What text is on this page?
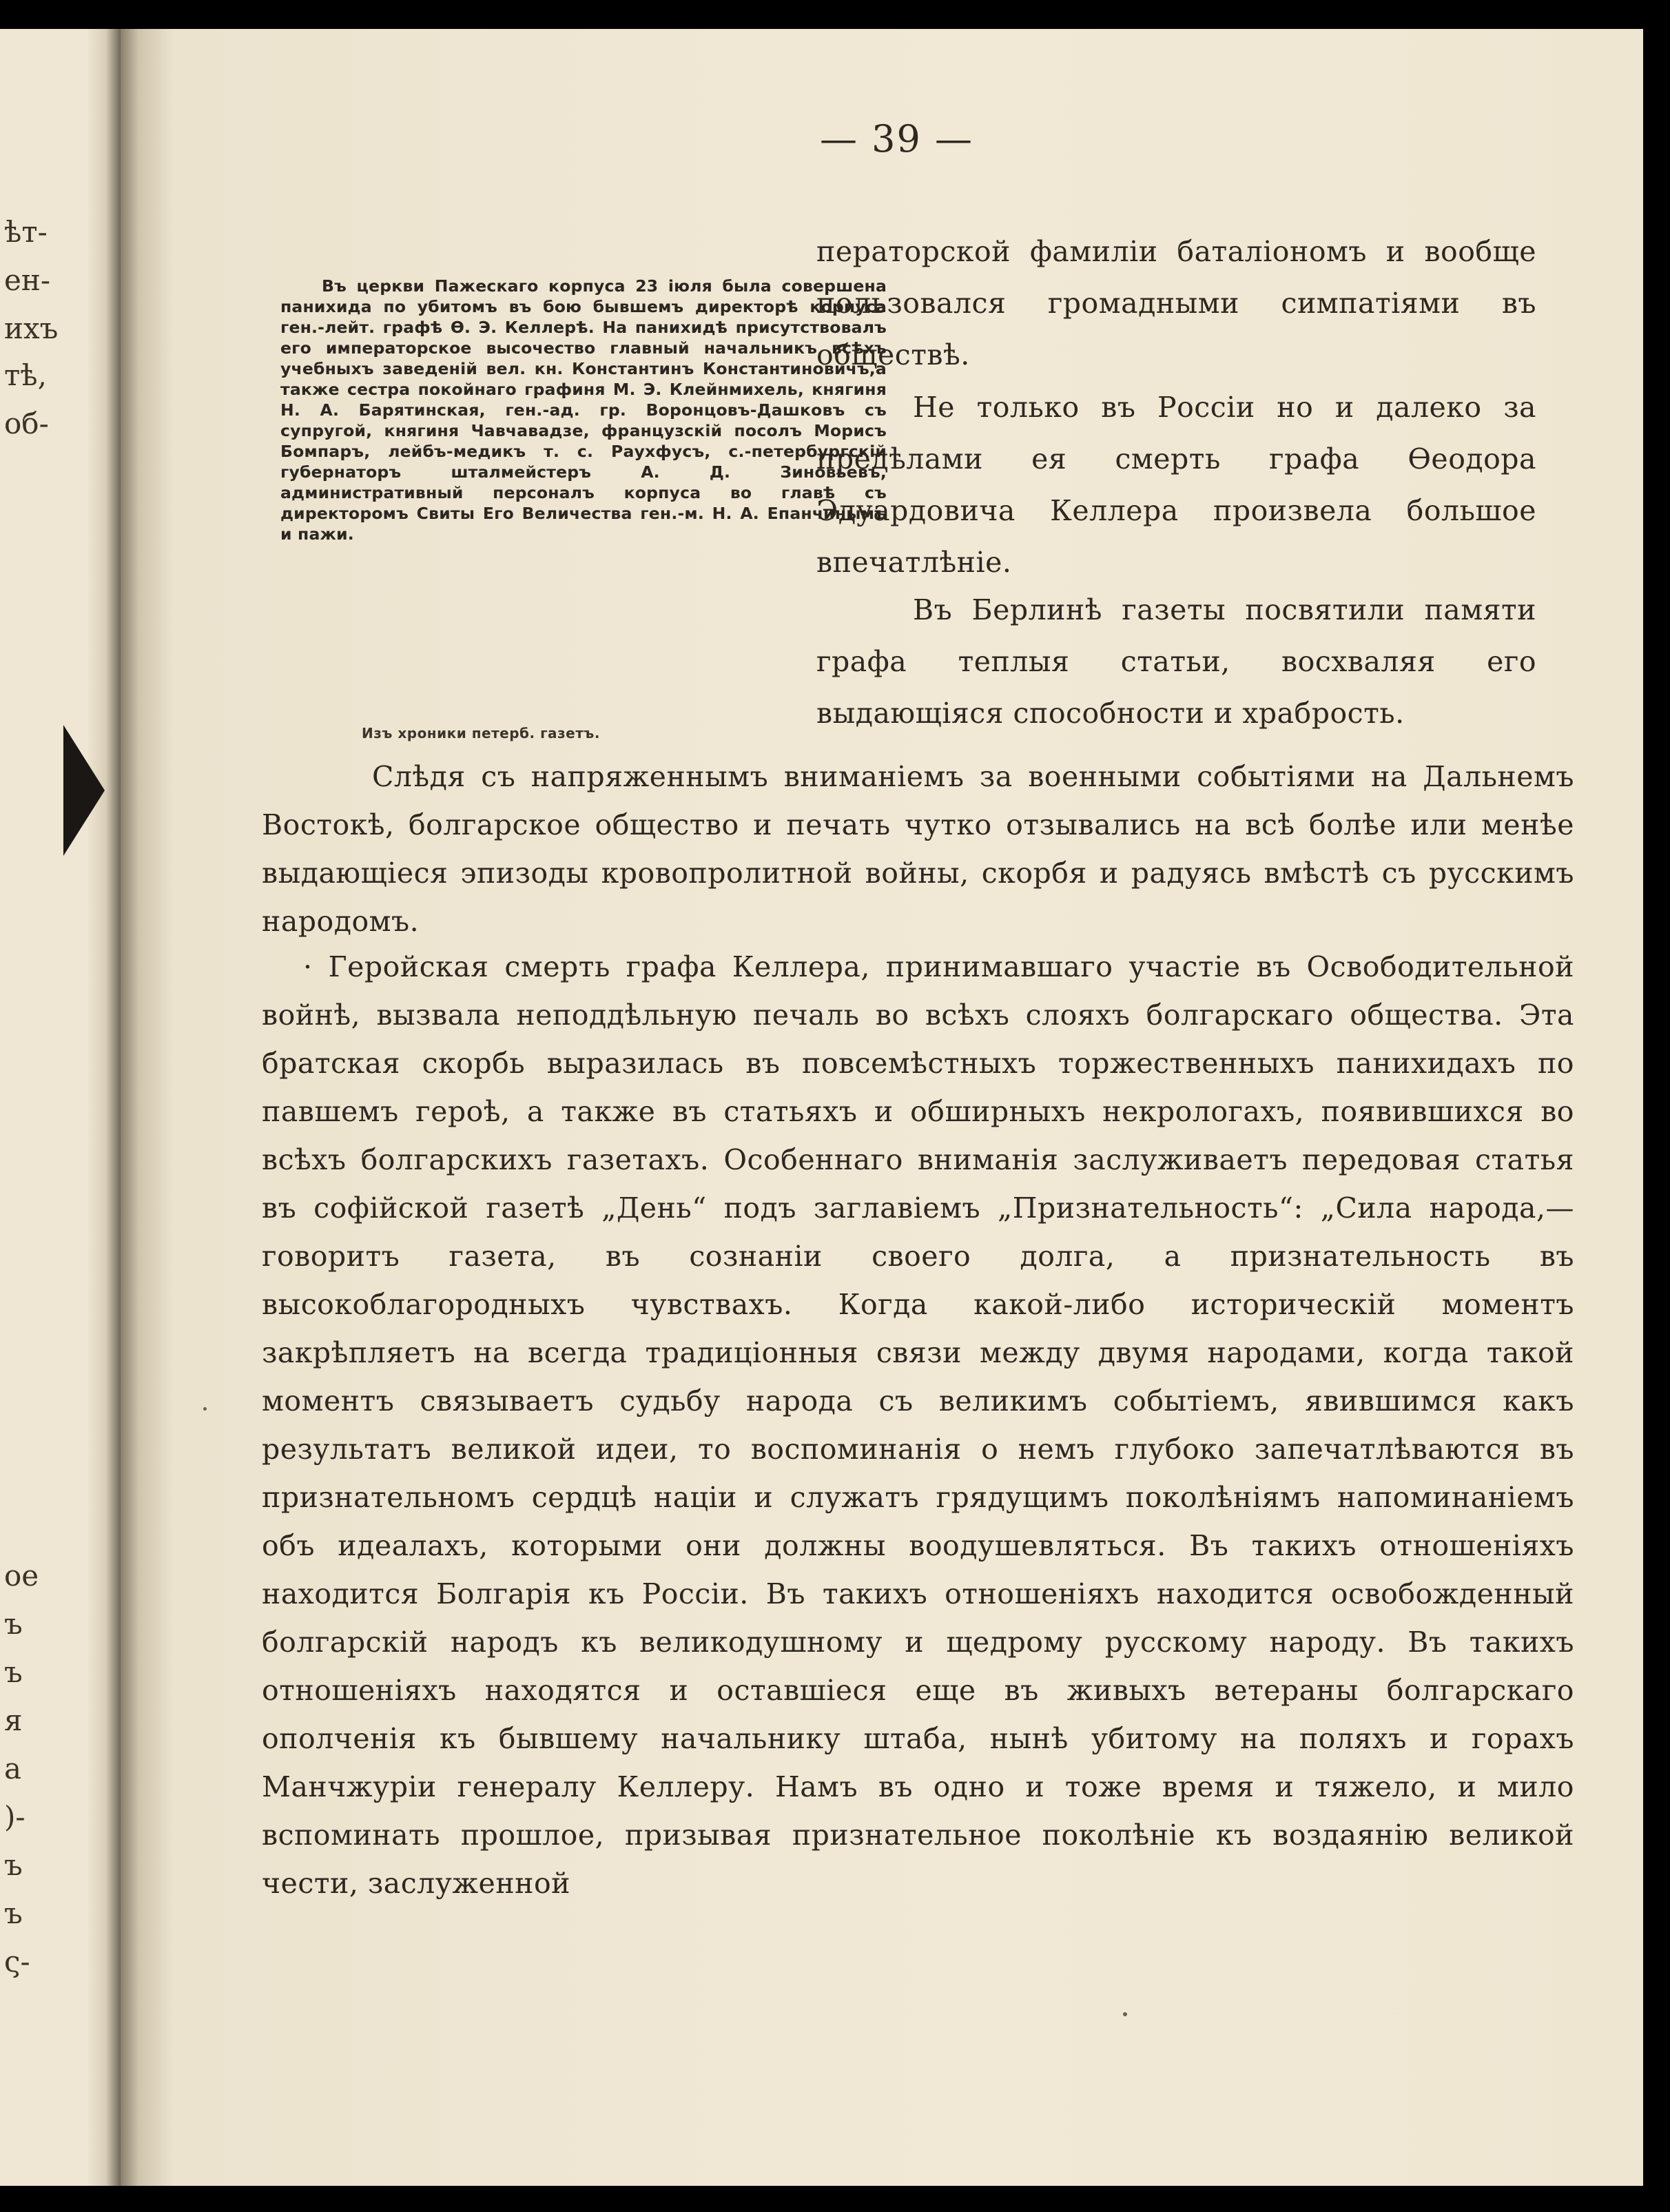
ѣт-
ен-
ихъ
тѣ,
об-
ое
ъ
ъ
я
а
)-
ъ
ъ
ς-
— 39 —
Въ церкви Пажескаго корпуса 23 іюля была совершена панихида по убитомъ въ бою бывшемъ директорѣ корпуса ген.-лейт. графѣ Ѳ. Э. Келлерѣ. На панихидѣ присутствовалъ его императорское высочество главный начальникъ всѣхъ учебныхъ заведеній вел. кн. Константинъ Константиновичъ,а также сестра покойнаго графиня М. Э. Клейнмихель, княгиня Н. А. Барятинская, ген.-ад. гр. Воронцовъ-Дашковъ съ супругой, княгиня Чавчавадзе, французскій посолъ Морисъ Бомпаръ, лейбъ-медикъ т. с. Раухфусъ, с.-петербургскій губернаторъ шталмейстеръ А. Д. Зиновьевъ, административный персоналъ корпуса во главѣ съ директоромъ Свиты Его Величества ген.-м. Н. А. Епанчинымъ и пажи.
Изъ хроники петерб. газетъ.
ператорской фамиліи баталіономъ и вообще пользовался громадными симпатіями въ обществѣ.
Не только въ Россіи но и далеко за предѣлами ея смерть графа Ѳеодора Эдуардовича Келлера произвела большое впечатлѣніе.
Въ Берлинѣ газеты посвятили памяти графа теплыя статьи, восхваляя его выдающіяся способности и храбрость.
Слѣдя съ напряженнымъ вниманіемъ за военными событіями на Дальнемъ Востокѣ, болгарское общество и печать чутко отзывались на всѣ болѣе или менѣе выдающіеся эпизоды кровопролитной войны, скорбя и радуясь вмѣстѣ съ русскимъ народомъ.
· Геройская смерть графа Келлера, принимавшаго участіе въ Освободительной войнѣ, вызвала неподдѣльную печаль во всѣхъ слояхъ болгарскаго общества. Эта братская скорбь выразилась въ повсемѣстныхъ торжественныхъ панихидахъ по павшемъ героѣ, а также въ статьяхъ и обширныхъ некрологахъ, появившихся во всѣхъ болгарскихъ газетахъ. Особеннаго вниманія заслуживаетъ передовая статья въ софійской газетѣ „День“ подъ заглавіемъ „Признательность“: „Сила народа,—говоритъ газета, въ сознаніи своего долга, а признательность въ высокоблагородныхъ чувствахъ. Когда какой-либо историческій моментъ закрѣпляетъ на всегда традиціонныя связи между двумя народами, когда такой моментъ связываетъ судьбу народа съ великимъ событіемъ, явившимся какъ результатъ великой идеи, то воспоминанія о немъ глубоко запечатлѣваются въ признательномъ сердцѣ націи и служатъ грядущимъ поколѣніямъ напоминаніемъ объ идеалахъ, которыми они должны воодушевляться. Въ такихъ отношеніяхъ находится Болгарія къ Россіи. Въ такихъ отношеніяхъ находится освобожденный болгарскій народъ къ великодушному и щедрому русскому народу. Въ такихъ отношеніяхъ находятся и оставшіеся еще въ живыхъ ветераны болгарскаго ополченія къ бывшему начальнику штаба, нынѣ убитому на поляхъ и горахъ Манчжуріи генералу Келлеру. Намъ въ одно и тоже время и тяжело, и мило вспоминать прошлое, призывая признательное поколѣніе къ воздаянію великой чести, заслуженной
